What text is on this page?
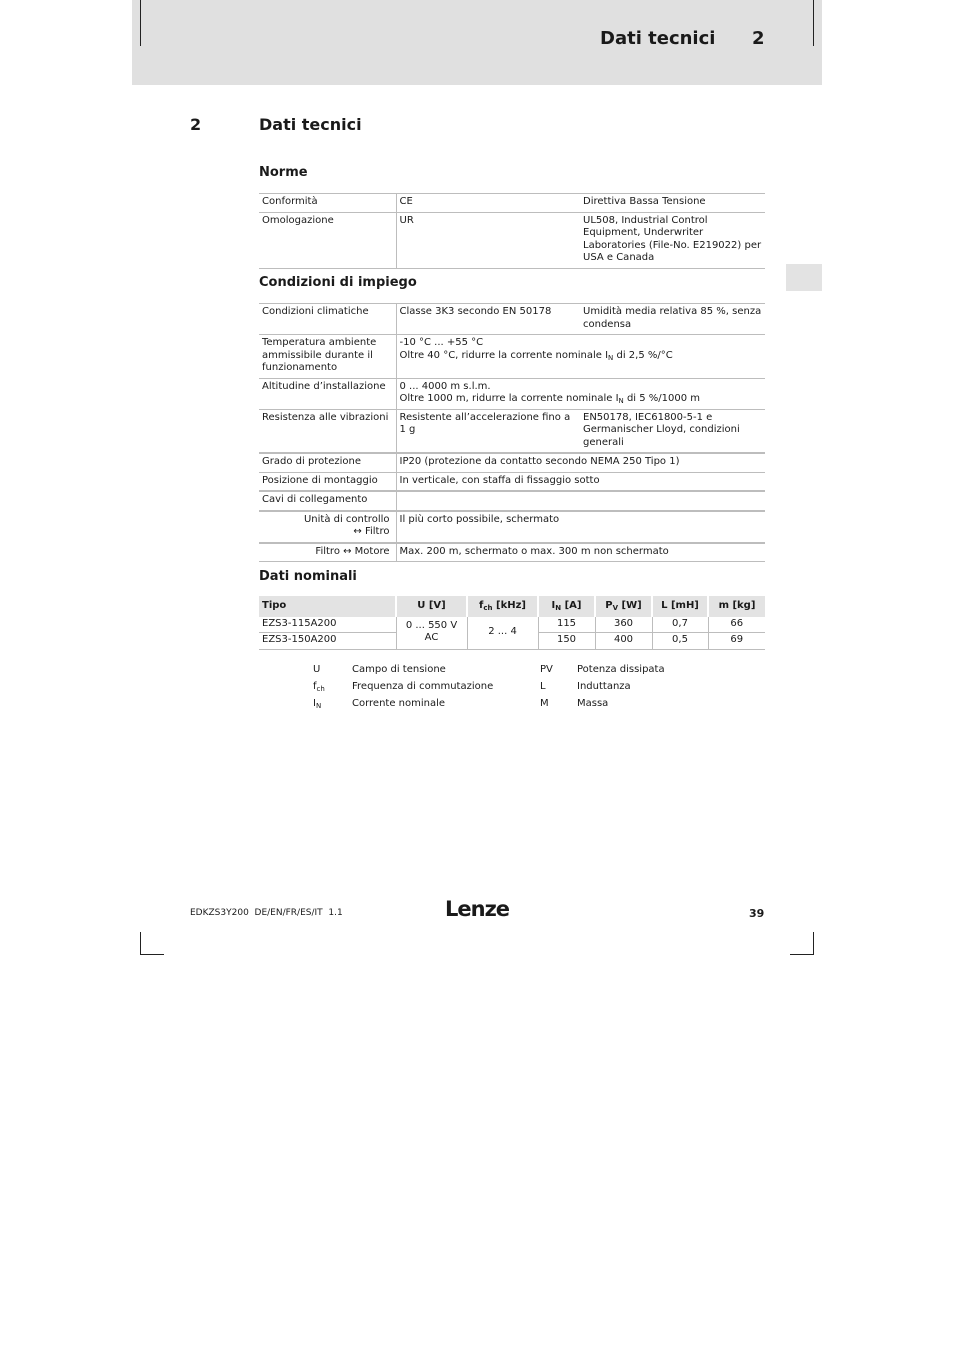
Dati tecnici 2
2	Dati tecnici
Norme
Conformità	CE	Direttiva Bassa Tensione
Omologazione	UR	UL508, Industrial Control Equipment, Underwriter Laboratories (File-No. E219022) per USA e Canada
Condizioni di impiego
Condizioni climatiche	Classe 3K3 secondo EN 50178	Umidità media relativa 85 %, senza condensa
Temperatura ambiente ammissibile durante il funzionamento	-10 °C ... +55 °C
Oltre 40 °C, ridurre la corrente nominale $I_N$ di 2,5 %/°C	

Altitudine d’installazione	0 ... 4000 m s.l.m.
Oltre 1000 m, ridurre la corrente nominale $I_N$ di 5 %/1000 m	

Resistenza alle vibrazioni	Resistente all’accelerazione fino a 1 g	EN50178, IEC61800-5-1 e Germanischer Lloyd, condizioni generali
Grado di protezione	IP20 (protezione da contatto secondo NEMA 250 Tipo 1)	
Posizione di montaggio	In verticale, con staffa di fissaggio sotto	
Cavi di collegamento		

Unità di controllo
↔ Filtro	Il più corto possibile, schermato	
Filtro ↔ Motore	Max. 200 m, schermato o max. 300 m non schermato	
Dati nominali
Tipo	U [V]	$f_{ch}$ [kHz]	$I_N$ [A]	$P_V$ [W]	L [mH]	m [kg]
EZS3-115A200	0 ... 550 V AC	2 ... 4	115	360	0,7	66
EZS3-150A200			150	400	0,5	69
U	Campo di tensione
$f_{ch}$	Frequenza di commutazione
$I_N$	Corrente nominale
PV Potenza dissipata
L	Induttanza
M	Massa
EDKZS3Y200  DE/EN/FR/ES/IT  1.1	Lenze	39
